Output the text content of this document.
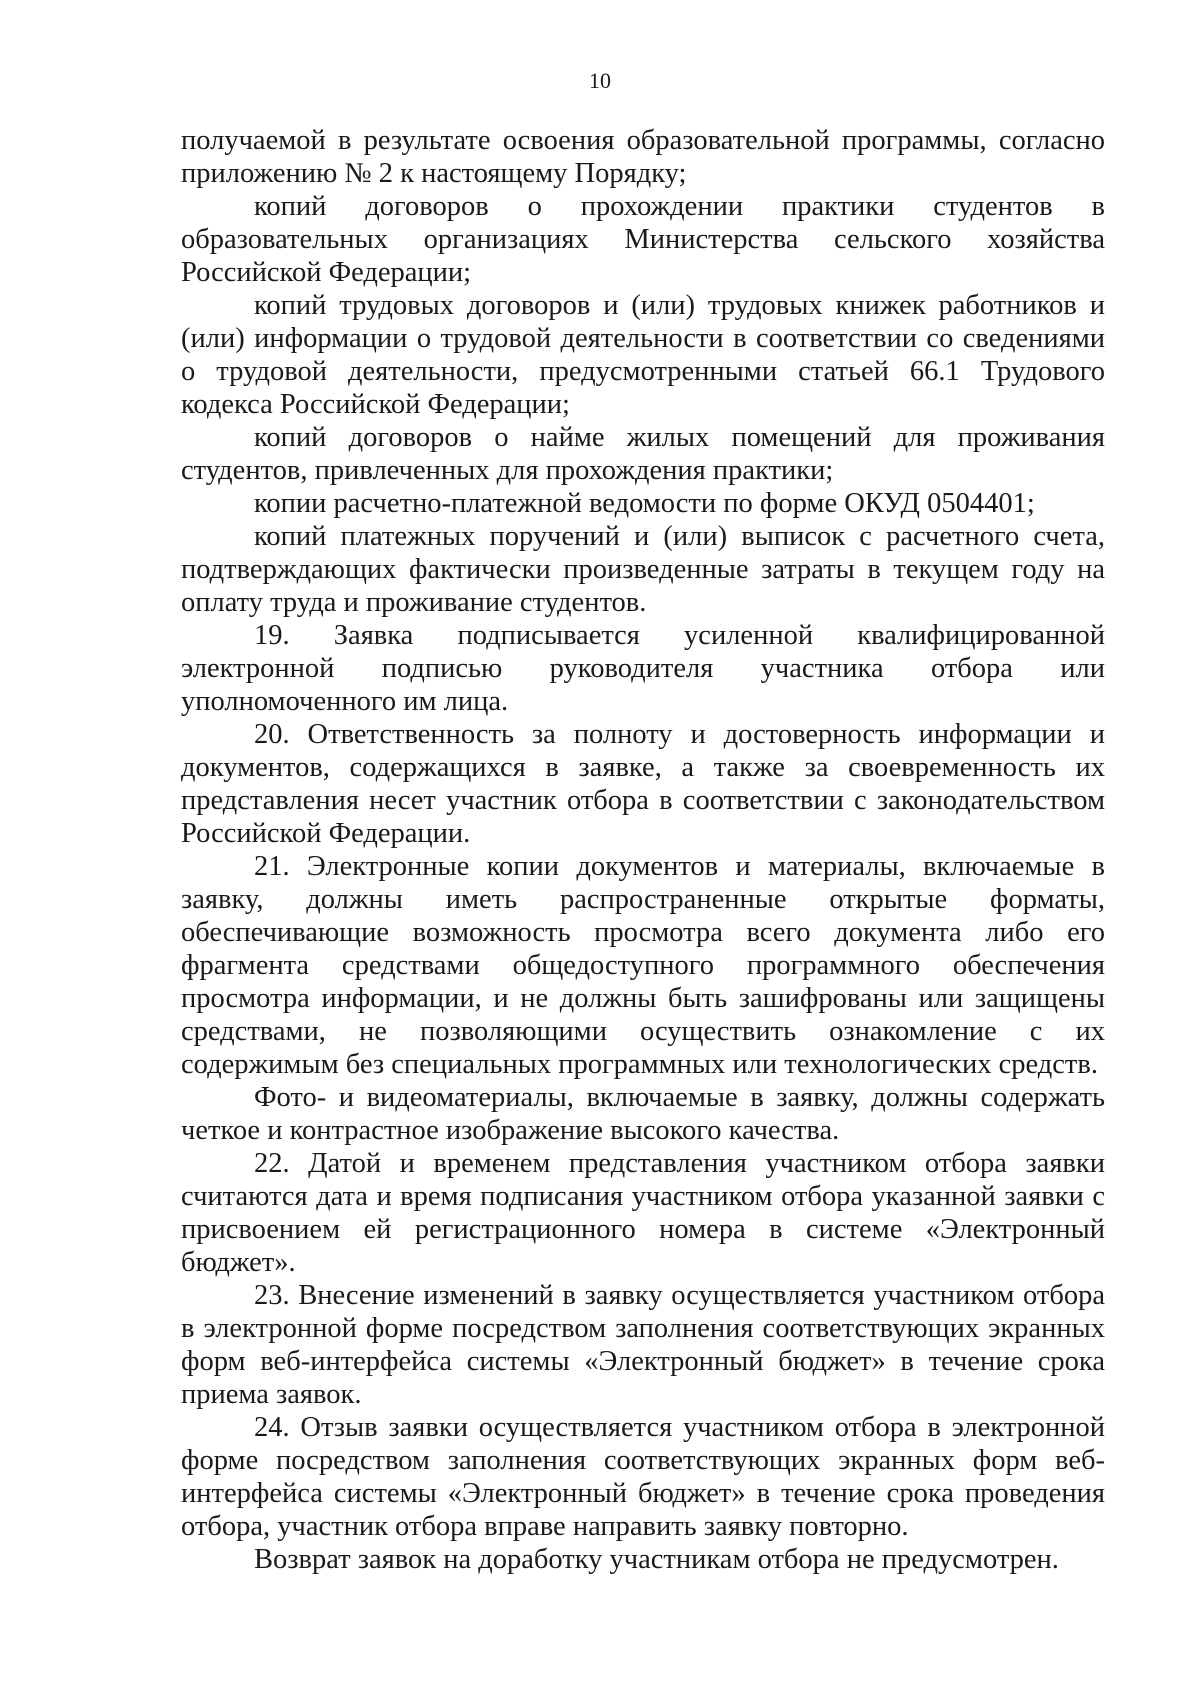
10

получаемой в результате освоения образовательной программы, согласно приложению № 2 к настоящему Порядку;

копий договоров о прохождении практики студентов в образовательных организациях Министерства сельского хозяйства Российской Федерации;

копий трудовых договоров и (или) трудовых книжек работников и (или) информации о трудовой деятельности в соответствии со сведениями о трудовой деятельности, предусмотренными статьей 66.1 Трудового кодекса Российской Федерации;

копий договоров о найме жилых помещений для проживания студентов, привлеченных для прохождения практики;

копии расчетно-платежной ведомости по форме ОКУД 0504401;

копий платежных поручений и (или) выписок с расчетного счета, подтверждающих фактически произведенные затраты в текущем году на оплату труда и проживание студентов.

19. Заявка подписывается усиленной квалифицированной электронной подписью руководителя участника отбора или уполномоченного им лица.

20. Ответственность за полноту и достоверность информации и документов, содержащихся в заявке, а также за своевременность их представления несет участник отбора в соответствии с законодательством Российской Федерации.

21. Электронные копии документов и материалы, включаемые в заявку, должны иметь распространенные открытые форматы, обеспечивающие возможность просмотра всего документа либо его фрагмента средствами общедоступного программного обеспечения просмотра информации, и не должны быть зашифрованы или защищены средствами, не позволяющими осуществить ознакомление с их содержимым без специальных программных или технологических средств.

Фото- и видеоматериалы, включаемые в заявку, должны содержать четкое и контрастное изображение высокого качества.

22. Датой и временем представления участником отбора заявки считаются дата и время подписания участником отбора указанной заявки с присвоением ей регистрационного номера в системе «Электронный бюджет».

23. Внесение изменений в заявку осуществляется участником отбора в электронной форме посредством заполнения соответствующих экранных форм веб-интерфейса системы «Электронный бюджет» в течение срока приема заявок.

24. Отзыв заявки осуществляется участником отбора в электронной форме посредством заполнения соответствующих экранных форм веб-интерфейса системы «Электронный бюджет» в течение срока проведения отбора, участник отбора вправе направить заявку повторно.

Возврат заявок на доработку участникам отбора не предусмотрен.
